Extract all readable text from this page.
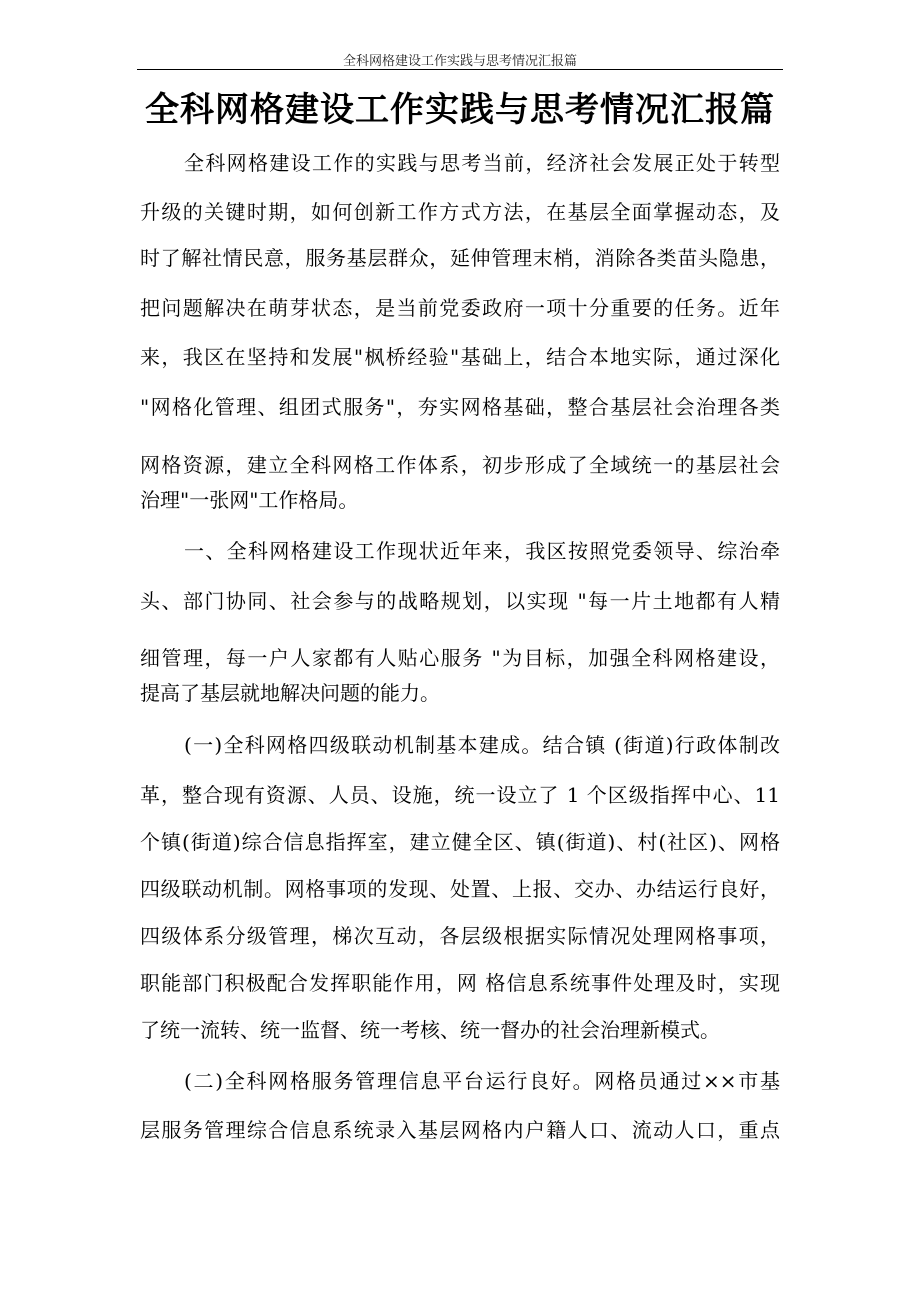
全科网格建设工作实践与思考情况汇报篇
全科网格建设工作实践与思考情况汇报篇
全科网格建设工作的实践与思考当前，经济社会发展正处于转型
升级的关键时期，如何创新工作方式方法，在基层全面掌握动态，及
时了解社情民意，服务基层群众，延伸管理末梢，消除各类苗头隐患，
把问题解决在萌芽状态，是当前党委政府一项十分重要的任务。近年
来，我区在坚持和发展"枫桥经验"基础上，结合本地实际，通过深化
"网格化管理、组团式服务"，夯实网格基础，整合基层社会治理各类
网格资源，建立全科网格工作体系，初步形成了全域统一的基层社会
治理"一张网"工作格局。
一、全科网格建设工作现状近年来，我区按照党委领导、综治牵
头、部门协同、社会参与的战略规划，以实现 "每一片土地都有人精
细管理，每一户人家都有人贴心服务 "为目标，加强全科网格建设，
提高了基层就地解决问题的能力。
(一)全科网格四级联动机制基本建成。结合镇 (街道)行政体制改
革，整合现有资源、人员、设施，统一设立了 1 个区级指挥中心、11
个镇(街道)综合信息指挥室，建立健全区、镇(街道)、村(社区)、网格
四级联动机制。网格事项的发现、处置、上报、交办、办结运行良好，
四级体系分级管理，梯次互动，各层级根据实际情况处理网格事项，
职能部门积极配合发挥职能作用，网 格信息系统事件处理及时，实现
了统一流转、统一监督、统一考核、统一督办的社会治理新模式。
(二)全科网格服务管理信息平台运行良好。网格员通过××市基
层服务管理综合信息系统录入基层网格内户籍人口、流动人口，重点
